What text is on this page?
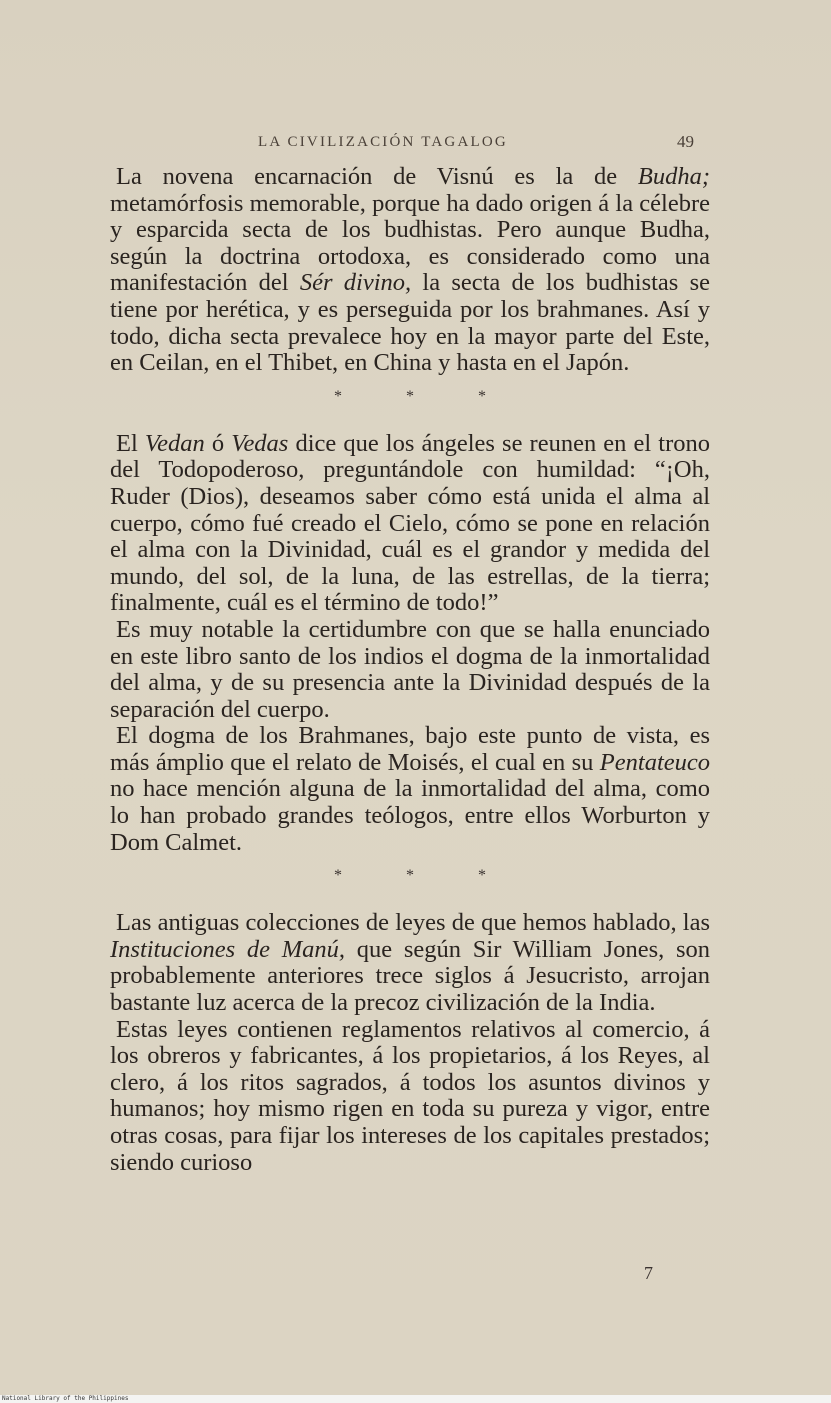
LA CIVILIZACIÓN TAGALOG	49

La novena encarnación de Visnú es la de Budha; metamórfosis memorable, porque ha dado origen á la célebre y esparcida secta de los budhistas. Pero aunque Budha, según la doctrina ortodoxa, es considerado como una manifestación del Sér divino, la secta de los budhistas se tiene por herética, y es perseguida por los brahmanes. Así y todo, dicha secta prevalece hoy en la mayor parte del Este, en Ceilan, en el Thibet, en China y hasta en el Japón.

* * *

El Vedan ó Vedas dice que los ángeles se reunen en el trono del Todopoderoso, preguntándole con humildad: “¡Oh, Ruder (Dios), deseamos saber cómo está unida el alma al cuerpo, cómo fué creado el Cielo, cómo se pone en relación el alma con la Divinidad, cuál es el grandor y medida del mundo, del sol, de la luna, de las estrellas, de la tierra; finalmente, cuál es el término de todo!”

Es muy notable la certidumbre con que se halla enunciado en este libro santo de los indios el dogma de la inmortalidad del alma, y de su presencia ante la Divinidad después de la separación del cuerpo.

El dogma de los Brahmanes, bajo este punto de vista, es más ámplio que el relato de Moisés, el cual en su Pentateuco no hace mención alguna de la inmortalidad del alma, como lo han probado grandes teólogos, entre ellos Worburton y Dom Calmet.

* * *

Las antiguas colecciones de leyes de que hemos hablado, las Instituciones de Manú, que según Sir William Jones, son probablemente anteriores trece siglos á Jesucristo, arrojan bastante luz acerca de la precoz civilización de la India.

Estas leyes contienen reglamentos relativos al comercio, á los obreros y fabricantes, á los propietarios, á los Reyes, al clero, á los ritos sagrados, á todos los asuntos divinos y humanos; hoy mismo rigen en toda su pureza y vigor, entre otras cosas, para fijar los intereses de los capitales prestados; siendo curioso

7
National Library of the Philippines
